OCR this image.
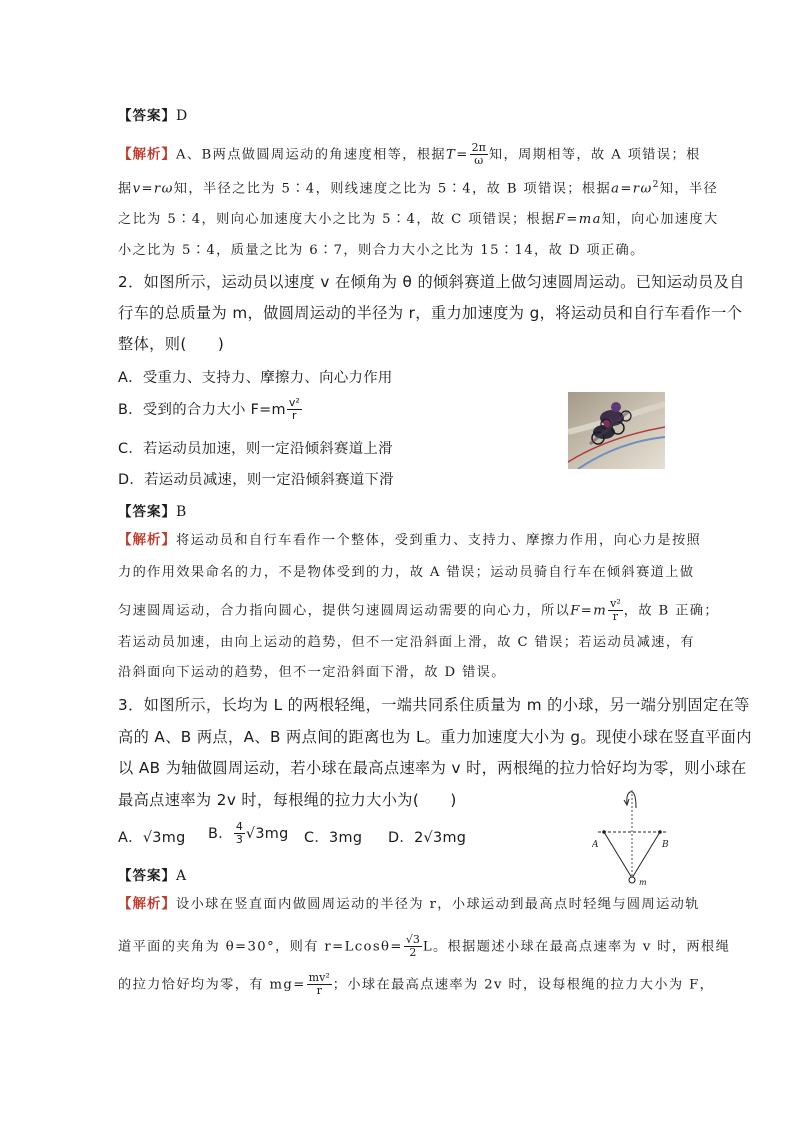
【答案】D
【解析】A、B两点做圆周运动的角速度相等，根据$T= \frac{2\pi}{\omega}$ 知，周期相等，故 A 项错误；根
据v=rω知，半径之比为 5∶4，则线速度之比为 5∶4，故 B 项错误；根据$a=r\omega^2$知，半径
之比为 5∶4，则向心加速度大小之比为 5∶4，故 C 项错误；根据F=ma知，向心加速度大
小之比为 5∶4，质量之比为 6∶7，则合力大小之比为 15∶14，故 D 项正确。
2．如图所示，运动员以速度 v 在倾角为 θ 的倾斜赛道上做匀速圆周运动。已知运动员及自
行车的总质量为 m，做圆周运动的半径为 r，重力加速度为 g，将运动员和自行车看作一个
整体，则(　　)
A．受重力、支持力、摩擦力、向心力作用
B．受到的合力大小 $F=m \frac{\text{v²}}{r}$
C．若运动员加速，则一定沿倾斜赛道上滑
D．若运动员减速，则一定沿倾斜赛道下滑
【答案】B
【解析】将运动员和自行车看作一个整体，受到重力、支持力、摩擦力作用，向心力是按照
力的作用效果命名的力，不是物体受到的力，故 A 错误；运动员骑自行车在倾斜赛道上做
匀速圆周运动，合力指向圆心，提供匀速圆周运动需要的向心力，所以$F=m \frac{\text{v²}}{r}$ ，故 B 正确；
若运动员加速，由向上运动的趋势，但不一定沿斜面上滑，故 C 错误；若运动员减速，有
沿斜面向下运动的趋势，但不一定沿斜面下滑，故 D 错误。
3．如图所示，长均为 L 的两根轻绳，一端共同系住质量为 m 的小球，另一端分别固定在等
高的 A、B 两点，A、B 两点间的距离也为 L。重力加速度大小为 g。现使小球在竖直平面内
以 AB 为轴做圆周运动，若小球在最高点速率为 v 时，两根绳的拉力恰好均为零，则小球在
最高点速率为 2v 时，每根绳的拉力大小为(　　)
A．√3mg B． $\frac{4}{3} √3mg$ C．3mg D．2√3mg	A	B
m
【答案】A
【解析】设小球在竖直面内做圆周运动的半径为 r，小球运动到最高点时轻绳与圆周运动轨
道平面的夹角为 θ=30°，则有 $r=Lcos\theta= \frac{√3}{2}$ L。根据题述小球在最高点速率为 v 时，两根绳
的拉力恰好均为零，有 $mg= \frac{\text{mv²}}{r}$ ；小球在最高点速率为 2v 时，设每根绳的拉力大小为 F，
